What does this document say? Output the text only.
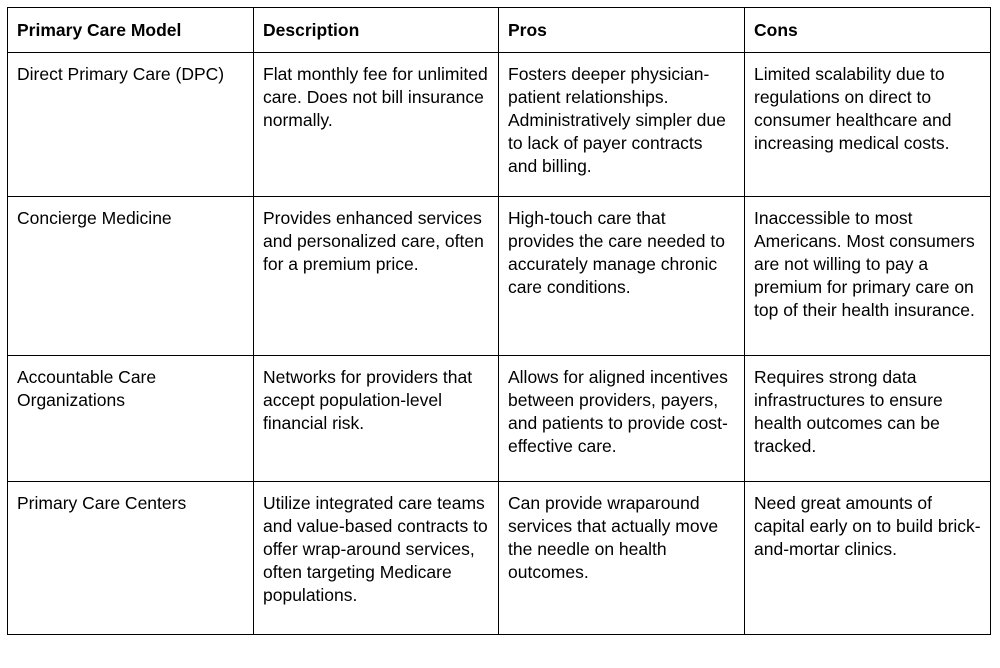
Primary Care Model	Description	Pros	Cons
Direct Primary Care (DPC)	Flat monthly fee for unlimited care. Does not bill insurance normally.	Fosters deeper physician-patient relationships. Administratively simpler due to lack of payer contracts and billing.	Limited scalability due to regulations on direct to consumer healthcare and increasing medical costs.
Concierge Medicine	Provides enhanced services and personalized care, often for a premium price.	High-touch care that provides the care needed to accurately manage chronic care conditions.	Inaccessible to most Americans. Most consumers are not willing to pay a premium for primary care on top of their health insurance.
Accountable Care Organizations	Networks for providers that accept population-level financial risk.	Allows for aligned incentives between providers, payers, and patients to provide cost-effective care.	Requires strong data infrastructures to ensure health outcomes can be tracked.
Primary Care Centers	Utilize integrated care teams and value-based contracts to offer wrap-around services, often targeting Medicare populations.	Can provide wraparound services that actually move the needle on health outcomes.	Need great amounts of capital early on to build brick-and-mortar clinics.
